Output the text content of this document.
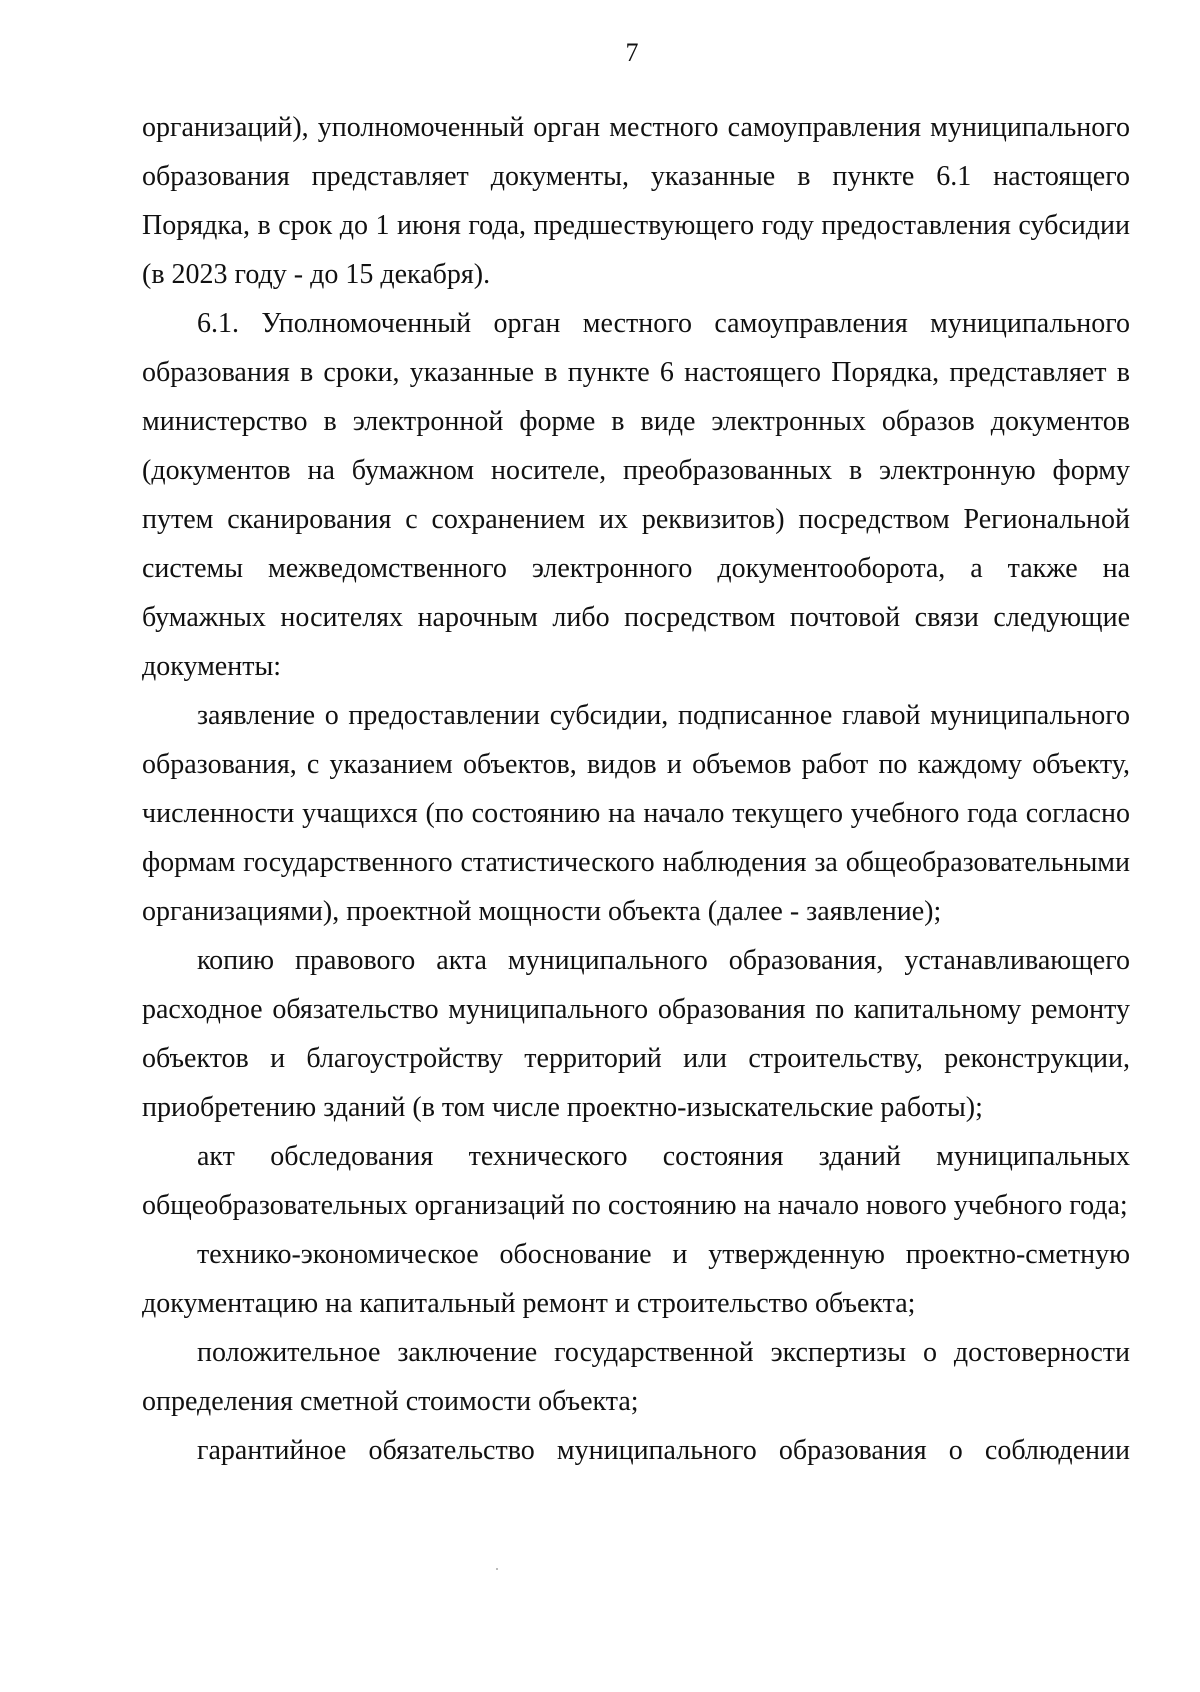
7

организаций), уполномоченный орган местного самоуправления муниципального образования представляет документы, указанные в пункте 6.1 настоящего Порядка, в срок до 1 июня года, предшествующего году предоставления субсидии (в 2023 году - до 15 декабря).

6.1. Уполномоченный орган местного самоуправления муниципального образования в сроки, указанные в пункте 6 настоящего Порядка, представляет в министерство в электронной форме в виде электронных образов документов (документов на бумажном носителе, преобразованных в электронную форму путем сканирования с сохранением их реквизитов) посредством Региональной системы межведомственного электронного документооборота, а также на бумажных носителях нарочным либо посредством почтовой связи следующие документы:

заявление о предоставлении субсидии, подписанное главой муниципального образования, с указанием объектов, видов и объемов работ по каждому объекту, численности учащихся (по состоянию на начало текущего учебного года согласно формам государственного статистического наблюдения за общеобразовательными организациями), проектной мощности объекта (далее - заявление);

копию правового акта муниципального образования, устанавливающего расходное обязательство муниципального образования по капитальному ремонту объектов и благоустройству территорий или строительству, реконструкции, приобретению зданий (в том числе проектно-изыскательские работы);

акт обследования технического состояния зданий муниципальных общеобразовательных организаций по состоянию на начало нового учебного года;

технико-экономическое обоснование и утвержденную проектно-сметную документацию на капитальный ремонт и строительство объекта;

положительное заключение государственной экспертизы о достоверности определения сметной стоимости объекта;

гарантийное обязательство муниципального образования о соблюдении
